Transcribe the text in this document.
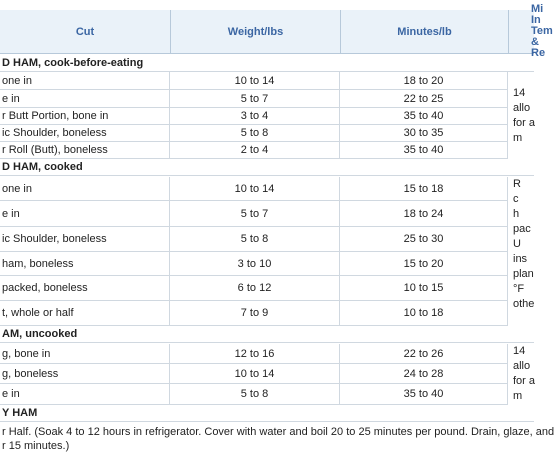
Cut	Weight/lbs	Minutes/lb
Mi
In
Tem
& Re
D HAM, cook-before-eating
one in	10 to 14	18 to 20
e in	5 to 7	22 to 25
r Butt Portion, bone in	3 to 4	35 to 40
ic Shoulder, boneless	5 to 8	30 to 35
r Roll (Butt), boneless	2 to 4	35 to 40
14
allo
for a
m
D HAM, cooked
one in	10 to 14	15 to 18
e in	5 to 7	18 to 24
ic Shoulder, boneless	5 to 8	25 to 30
ham, boneless	3 to 10	15 to 20
packed, boneless	6 to 12	10 to 15
t, whole or half	7 to 9	10 to 18
R
c
h
pac
U
ins
plan
°F
othe
AM, uncooked
g, bone in	12 to 16	22 to 26
g, boneless	10 to 14	24 to 28
e in	5 to 8	35 to 40
14
allo
for a
m
Y HAM
r Half. (Soak 4 to 12 hours in refrigerator. Cover with water and boil 20 to 25 minutes per pound. Drain, glaze, and
r 15 minutes.)
